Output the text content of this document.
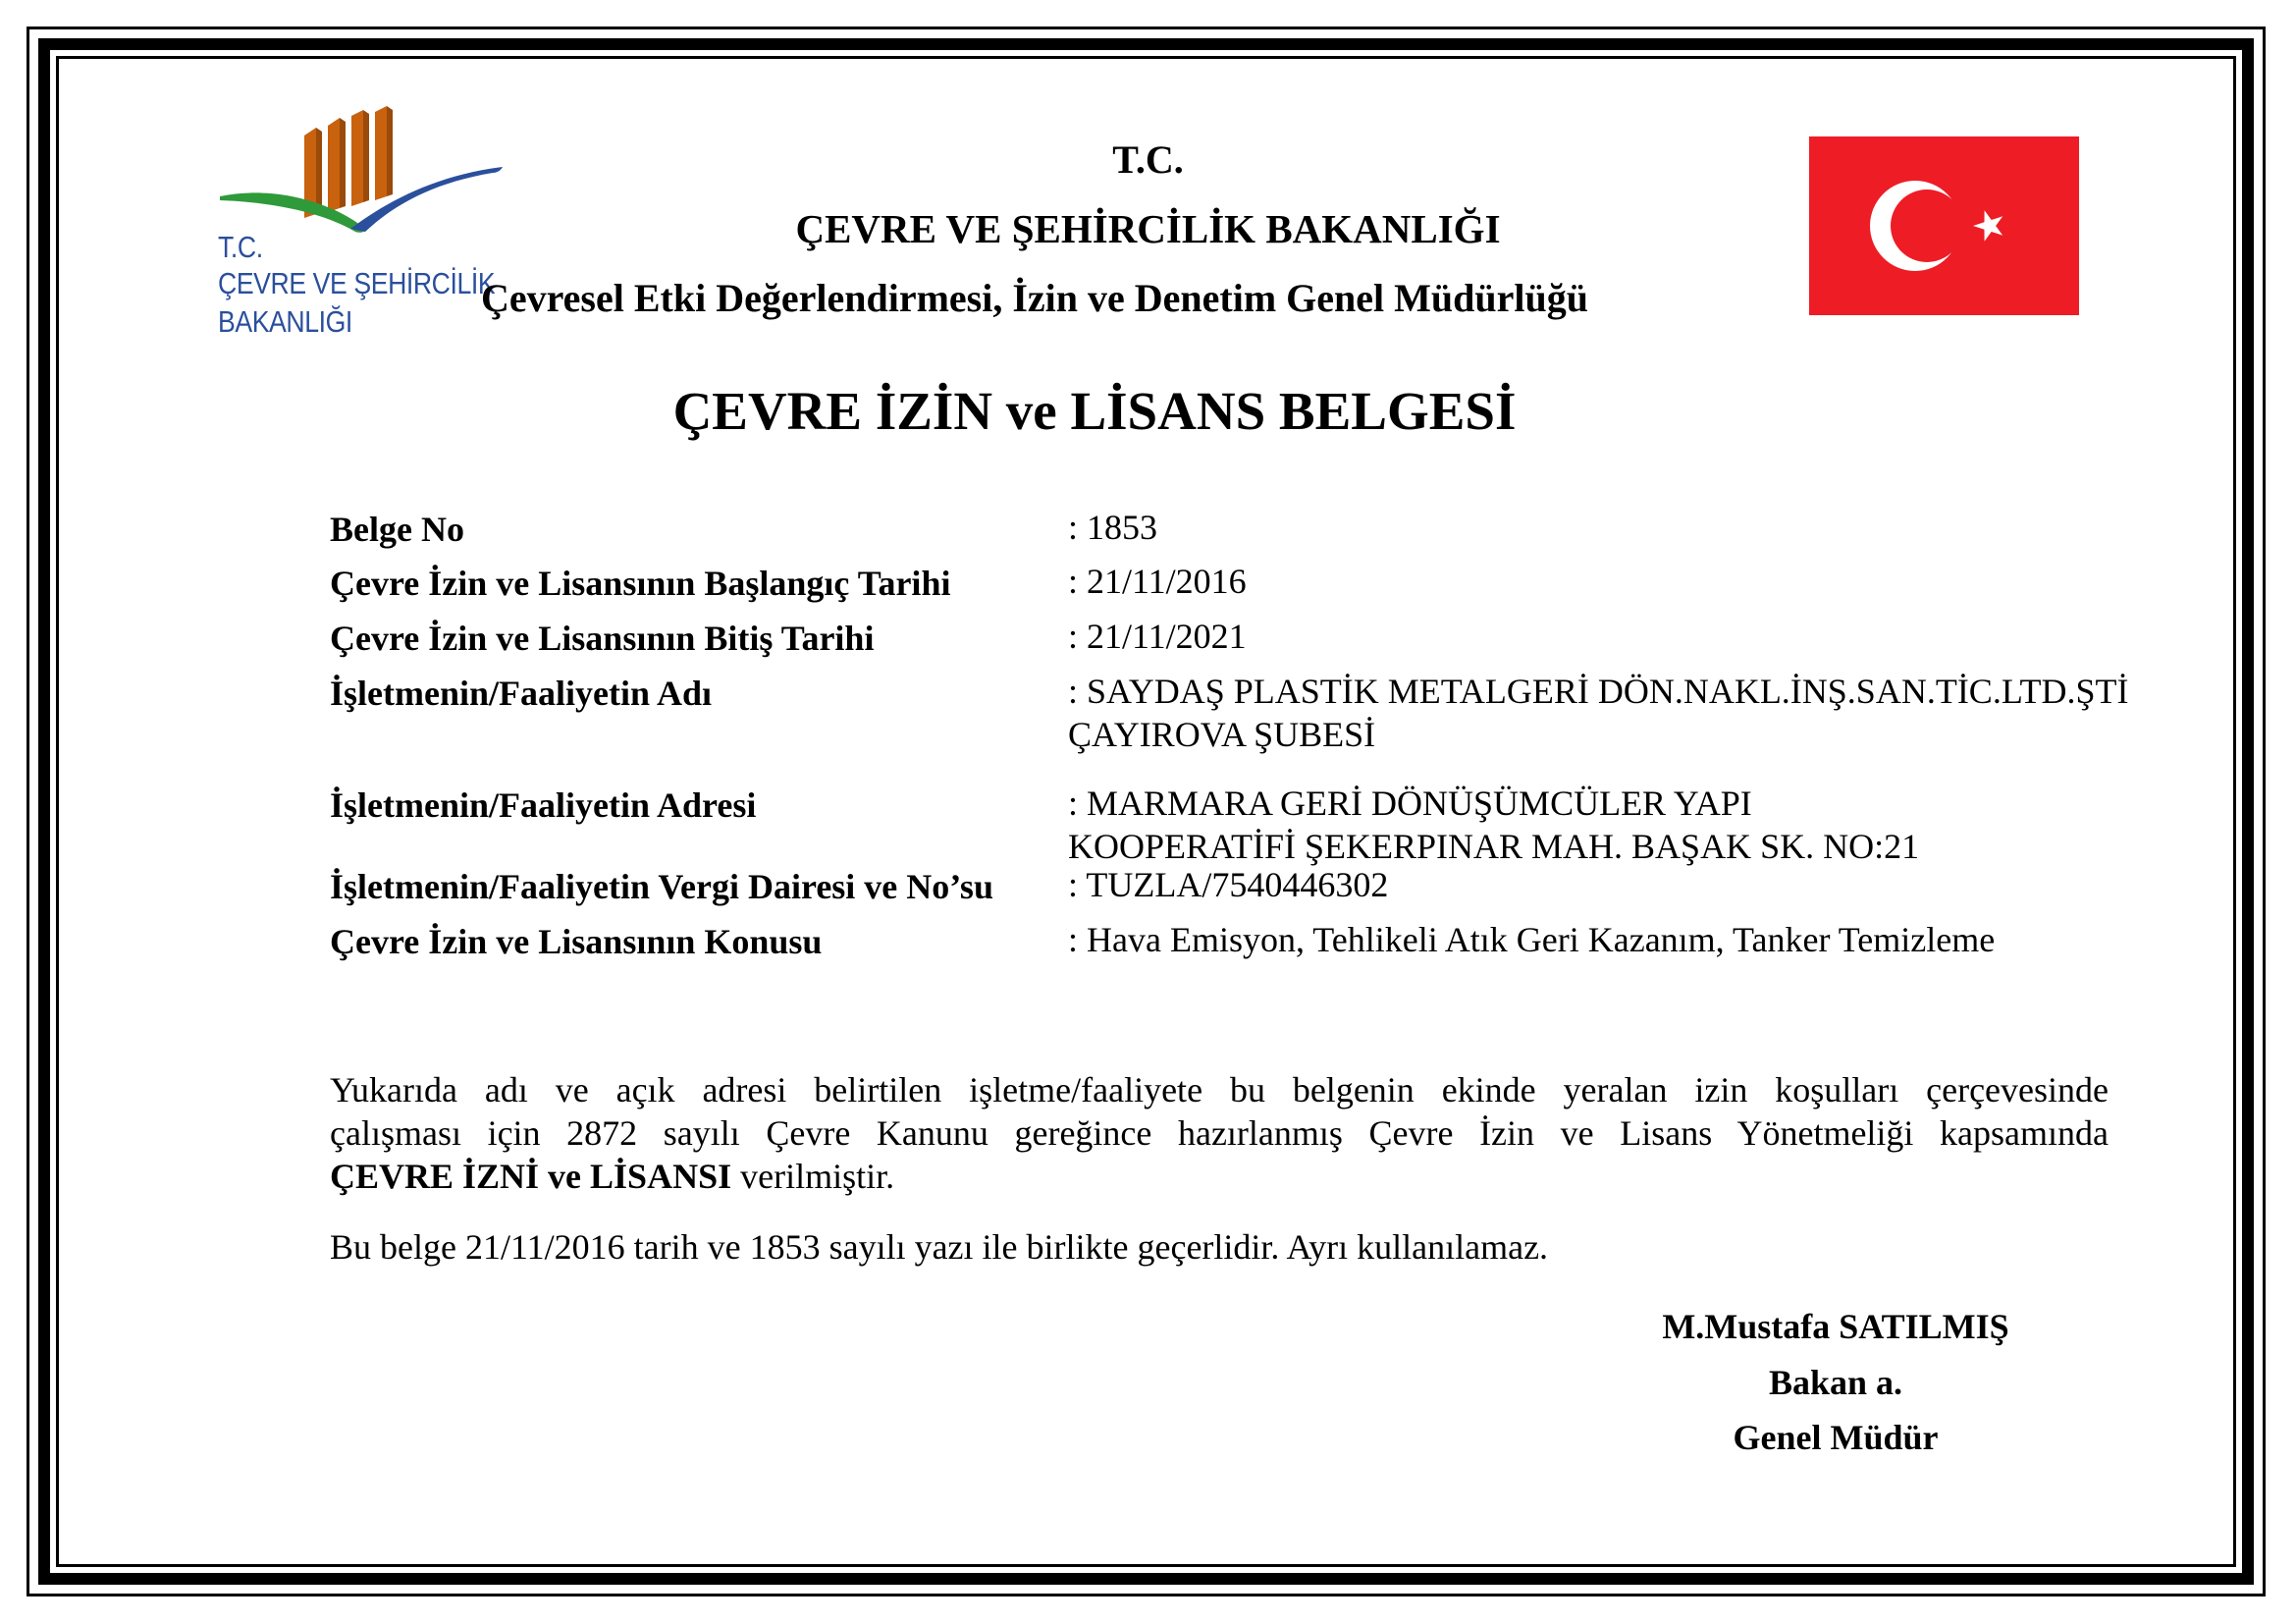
T.C.
ÇEVRE VE ŞEHİRCİLİK
BAKANLIĞI
T.C.
ÇEVRE VE ŞEHİRCİLİK BAKANLIĞI
Çevresel Etki Değerlendirmesi, İzin ve Denetim Genel Müdürlüğü
ÇEVRE İZİN ve LİSANS BELGESİ
Belge No	: 1853
Çevre İzin ve Lisansının Başlangıç Tarihi	: 21/11/2016
Çevre İzin ve Lisansının Bitiş Tarihi	: 21/11/2021
İşletmenin/Faaliyetin Adı	: SAYDAŞ PLASTİK METALGERİ DÖN.NAKL.İNŞ.SAN.TİC.LTD.ŞTİ
ÇAYIROVA ŞUBESİ
İşletmenin/Faaliyetin Adresi	: MARMARA GERİ DÖNÜŞÜMCÜLER YAPI
KOOPERATİFİ ŞEKERPINAR MAH. BAŞAK SK. NO:21
İşletmenin/Faaliyetin Vergi Dairesi ve No’su : TUZLA/7540446302
Çevre İzin ve Lisansının Konusu	: Hava Emisyon, Tehlikeli Atık Geri Kazanım, Tanker Temizleme
Yukarıda adı ve açık adresi belirtilen işletme/faaliyete bu belgenin ekinde yeralan izin koşulları çerçevesinde
çalışması için 2872 sayılı Çevre Kanunu gereğince hazırlanmış Çevre İzin ve Lisans Yönetmeliği kapsamında
ÇEVRE İZNİ ve LİSANSI verilmiştir.
Bu belge 21/11/2016 tarih ve 1853 sayılı yazı ile birlikte geçerlidir. Ayrı kullanılamaz.
M.Mustafa SATILMIŞ
Bakan a.
Genel Müdür
